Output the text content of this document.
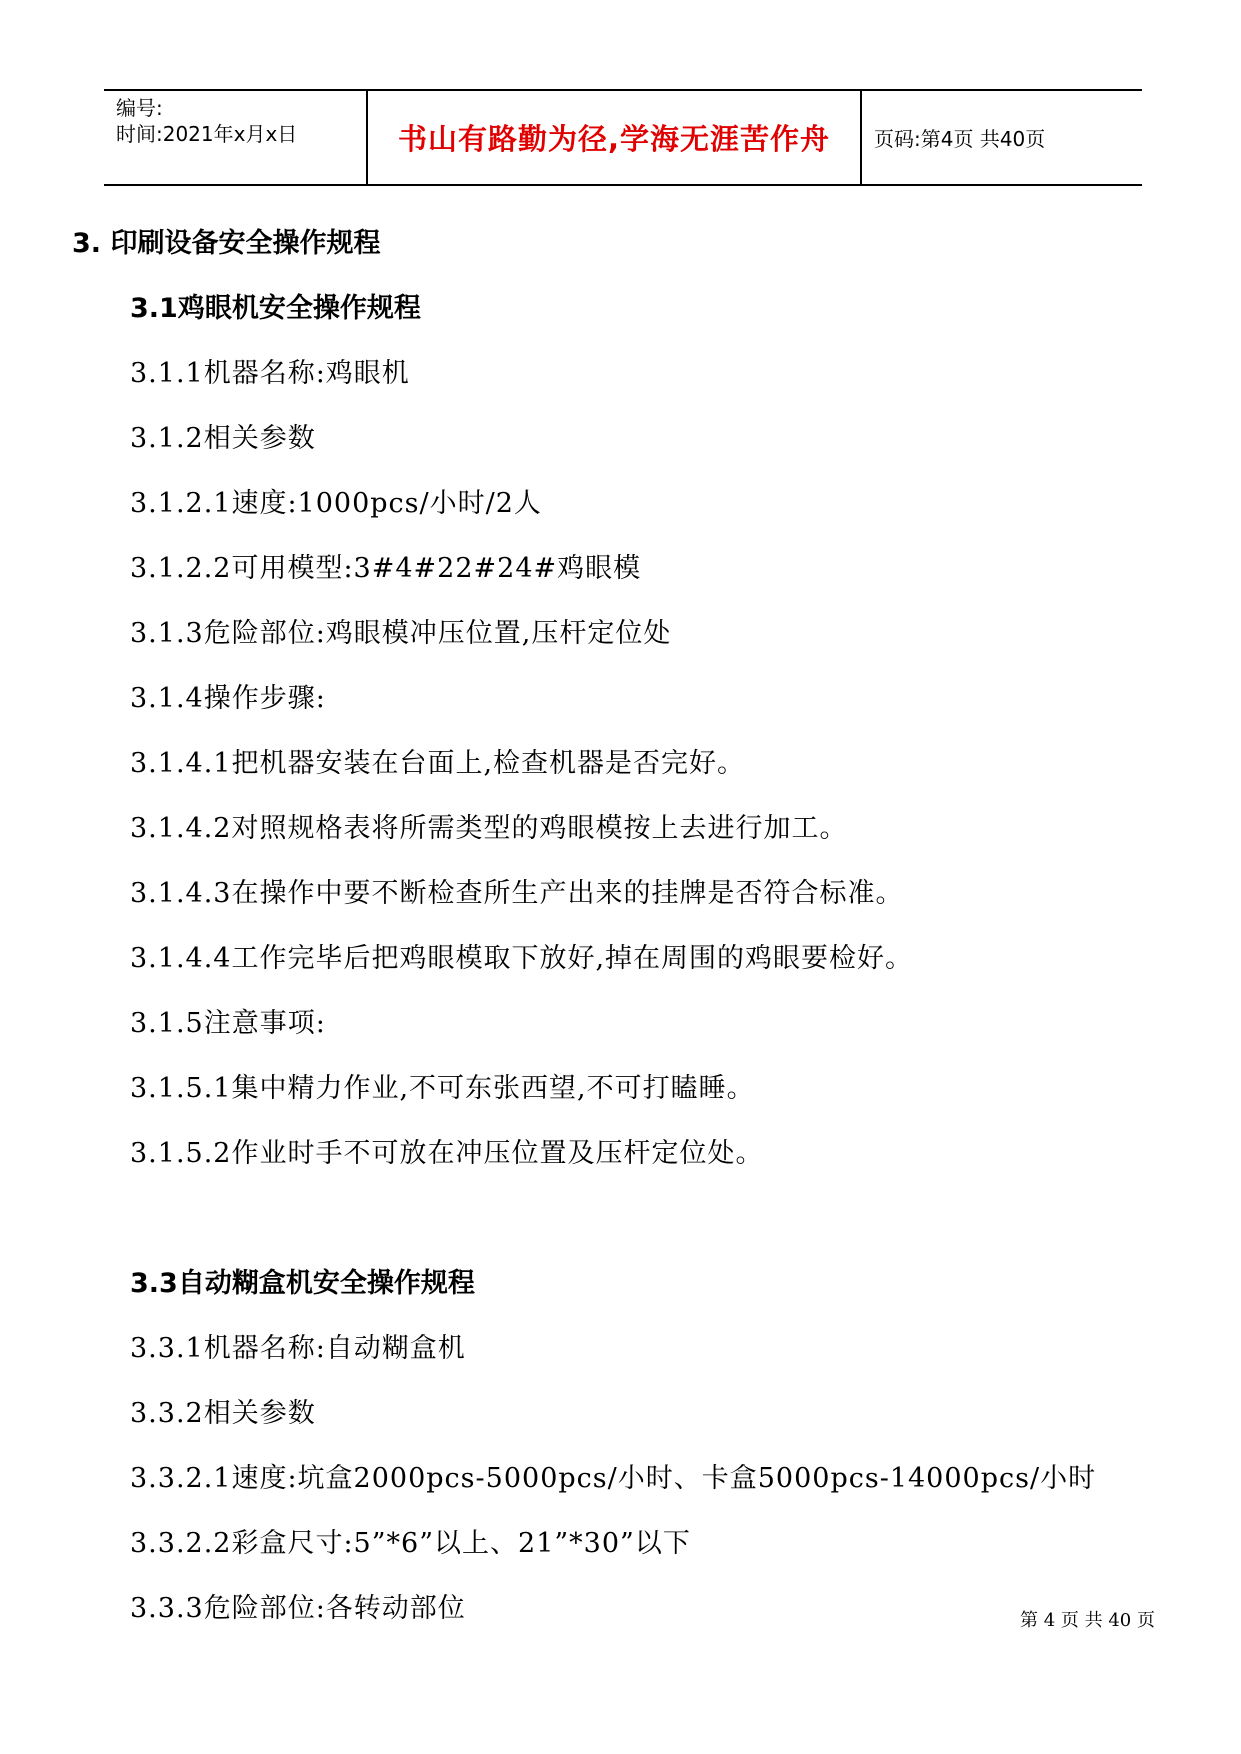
编号:
时间:2021年x月x日	书山有路勤为径,学海无涯苦作舟 页码:第4页 共40页
3. 印刷设备安全操作规程
3.1鸡眼机安全操作规程
3.1.1机器名称:鸡眼机
3.1.2相关参数
3.1.2.1速度:1000pcs/小时/2人
3.1.2.2可用模型:3#4#22#24#鸡眼模
3.1.3危险部位:鸡眼模冲压位置,压杆定位处
3.1.4操作步骤:
3.1.4.1把机器安装在台面上,检查机器是否完好。
3.1.4.2对照规格表将所需类型的鸡眼模按上去进行加工。
3.1.4.3在操作中要不断检查所生产出来的挂牌是否符合标准。
3.1.4.4工作完毕后把鸡眼模取下放好,掉在周围的鸡眼要检好。
3.1.5注意事项:
3.1.5.1集中精力作业,不可东张西望,不可打瞌睡。
3.1.5.2作业时手不可放在冲压位置及压杆定位处。
3.3自动糊盒机安全操作规程
3.3.1机器名称:自动糊盒机
3.3.2相关参数
3.3.2.1速度:坑盒2000pcs-5000pcs/小时、卡盒5000pcs-14000pcs/小时
3.3.2.2彩盒尺寸:5”*6”以上、21”*30”以下
3.3.3危险部位:各转动部位	第 4 页 共 40 页
